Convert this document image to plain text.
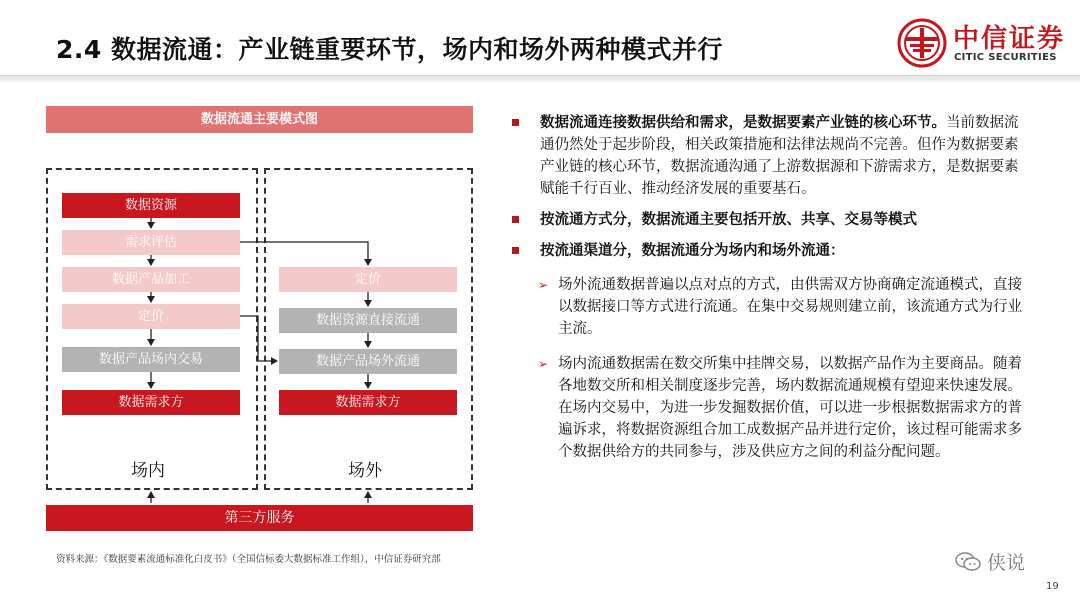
2.4 数据流通：产业链重要环节，场内和场外两种模式并行	中信证券
CITIC SECURITIES
数据流通主要模式图
数据资源
需求评估
数据产品加工
定价
数据产品场内交易
数据需求方
场内
定价
数据资源直接流通
数据产品场外流通
数据需求方
场外
第三方服务
数据流通连接数据供给和需求，是数据要素产业链的核心环节。当前数据流通仍然处于起步阶段，相关政策措施和法律法规尚不完善。但作为数据要素产业链的核心环节，数据流通沟通了上游数据源和下游需求方，是数据要素赋能千行百业、推动经济发展的重要基石。
按流通方式分，数据流通主要包括开放、共享、交易等模式
按流通渠道分，数据流通分为场内和场外流通：
➢ 场外流通数据普遍以点对点的方式，由供需双方协商确定流通模式，直接以数据接口等方式进行流通。在集中交易规则建立前，该流通方式为行业主流。
➢ 场内流通数据需在数交所集中挂牌交易，以数据产品作为主要商品。随着各地数交所和相关制度逐步完善，场内数据流通规模有望迎来快速发展。在场内交易中，为进一步发掘数据价值，可以进一步根据数据需求方的普遍诉求，将数据资源组合加工成数据产品并进行定价，该过程可能需求多个数据供给方的共同参与，涉及供应方之间的利益分配问题。
资料来源：《数据要素流通标准化白皮书》（全国信标委大数据标准工作组），中信证券研究部	侠说
19
